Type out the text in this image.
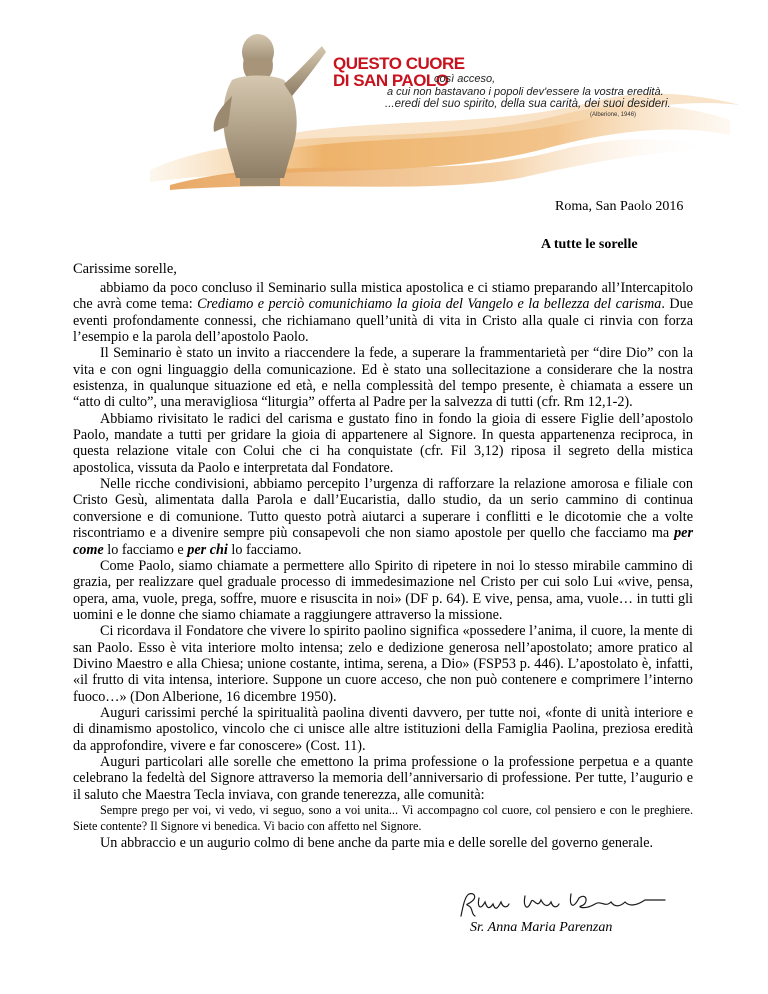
QUESTO CUORE
DI SAN PAOLO
così acceso,
a cui non bastavano i popoli dev'essere la vostra eredità.
...eredi del suo spirito, della sua carità, dei suoi desideri.
(Alberione, 1946)
Roma, San Paolo 2016
A tutte le sorelle
Carissime sorelle,

abbiamo da poco concluso il Seminario sulla mistica apostolica e ci stiamo preparando all’Intercapitolo che avrà come tema: Crediamo e perciò comunichiamo la gioia del Vangelo e la bellezza del carisma. Due eventi profondamente connessi, che richiamano quell’unità di vita in Cristo alla quale ci rinvia con forza l’esempio e la parola dell’apostolo Paolo.

Il Seminario è stato un invito a riaccendere la fede, a superare la frammentarietà per “dire Dio” con la vita e con ogni linguaggio della comunicazione. Ed è stato una sollecitazione a considerare che la nostra esistenza, in qualunque situazione ed età, e nella complessità del tempo presente, è chiamata a essere un “atto di culto”, una meravigliosa “liturgia” offerta al Padre per la salvezza di tutti (cfr. Rm 12,1-2).

Abbiamo rivisitato le radici del carisma e gustato fino in fondo la gioia di essere Figlie dell’apostolo Paolo, mandate a tutti per gridare la gioia di appartenere al Signore. In questa appartenenza reciproca, in questa relazione vitale con Colui che ci ha conquistate (cfr. Fil 3,12) riposa il segreto della mistica apostolica, vissuta da Paolo e interpretata dal Fondatore.

Nelle ricche condivisioni, abbiamo percepito l’urgenza di rafforzare la relazione amorosa e filiale con Cristo Gesù, alimentata dalla Parola e dall’Eucaristia, dallo studio, da un serio cammino di continua conversione e di comunione. Tutto questo potrà aiutarci a superare i conflitti e le dicotomie che a volte riscontriamo e a divenire sempre più consapevoli che non siamo apostole per quello che facciamo ma per come lo facciamo e per chi lo facciamo.

Come Paolo, siamo chiamate a permettere allo Spirito di ripetere in noi lo stesso mirabile cammino di grazia, per realizzare quel graduale processo di immedesimazione nel Cristo per cui solo Lui «vive, pensa, opera, ama, vuole, prega, soffre, muore e risuscita in noi» (DF p. 64). E vive, pensa, ama, vuole… in tutti gli uomini e le donne che siamo chiamate a raggiungere attraverso la missione.

Ci ricordava il Fondatore che vivere lo spirito paolino significa «possedere l’anima, il cuore, la mente di san Paolo. Esso è vita interiore molto intensa; zelo e dedizione generosa nell’apostolato; amore pratico al Divino Maestro e alla Chiesa; unione costante, intima, serena, a Dio» (FSP53 p. 446). L’apostolato è, infatti, «il frutto di vita intensa, interiore. Suppone un cuore acceso, che non può contenere e comprimere l’interno fuoco…» (Don Alberione, 16 dicembre 1950).

Auguri carissimi perché la spiritualità paolina diventi davvero, per tutte noi, «fonte di unità interiore e di dinamismo apostolico, vincolo che ci unisce alle altre istituzioni della Famiglia Paolina, preziosa eredità da approfondire, vivere e far conoscere» (Cost. 11).

Auguri particolari alle sorelle che emettono la prima professione o la professione perpetua e a quante celebrano la fedeltà del Signore attraverso la memoria dell’anniversario di professione. Per tutte, l’augurio e il saluto che Maestra Tecla inviava, con grande tenerezza, alle comunità:

Sempre prego per voi, vi vedo, vi seguo, sono a voi unita... Vi accompagno col cuore, col pensiero e con le preghiere. Siete contente? Il Signore vi benedica. Vi bacio con affetto nel Signore.

Un abbraccio e un augurio colmo di bene anche da parte mia e delle sorelle del governo generale.

Sr. Anna Maria Parenzan
